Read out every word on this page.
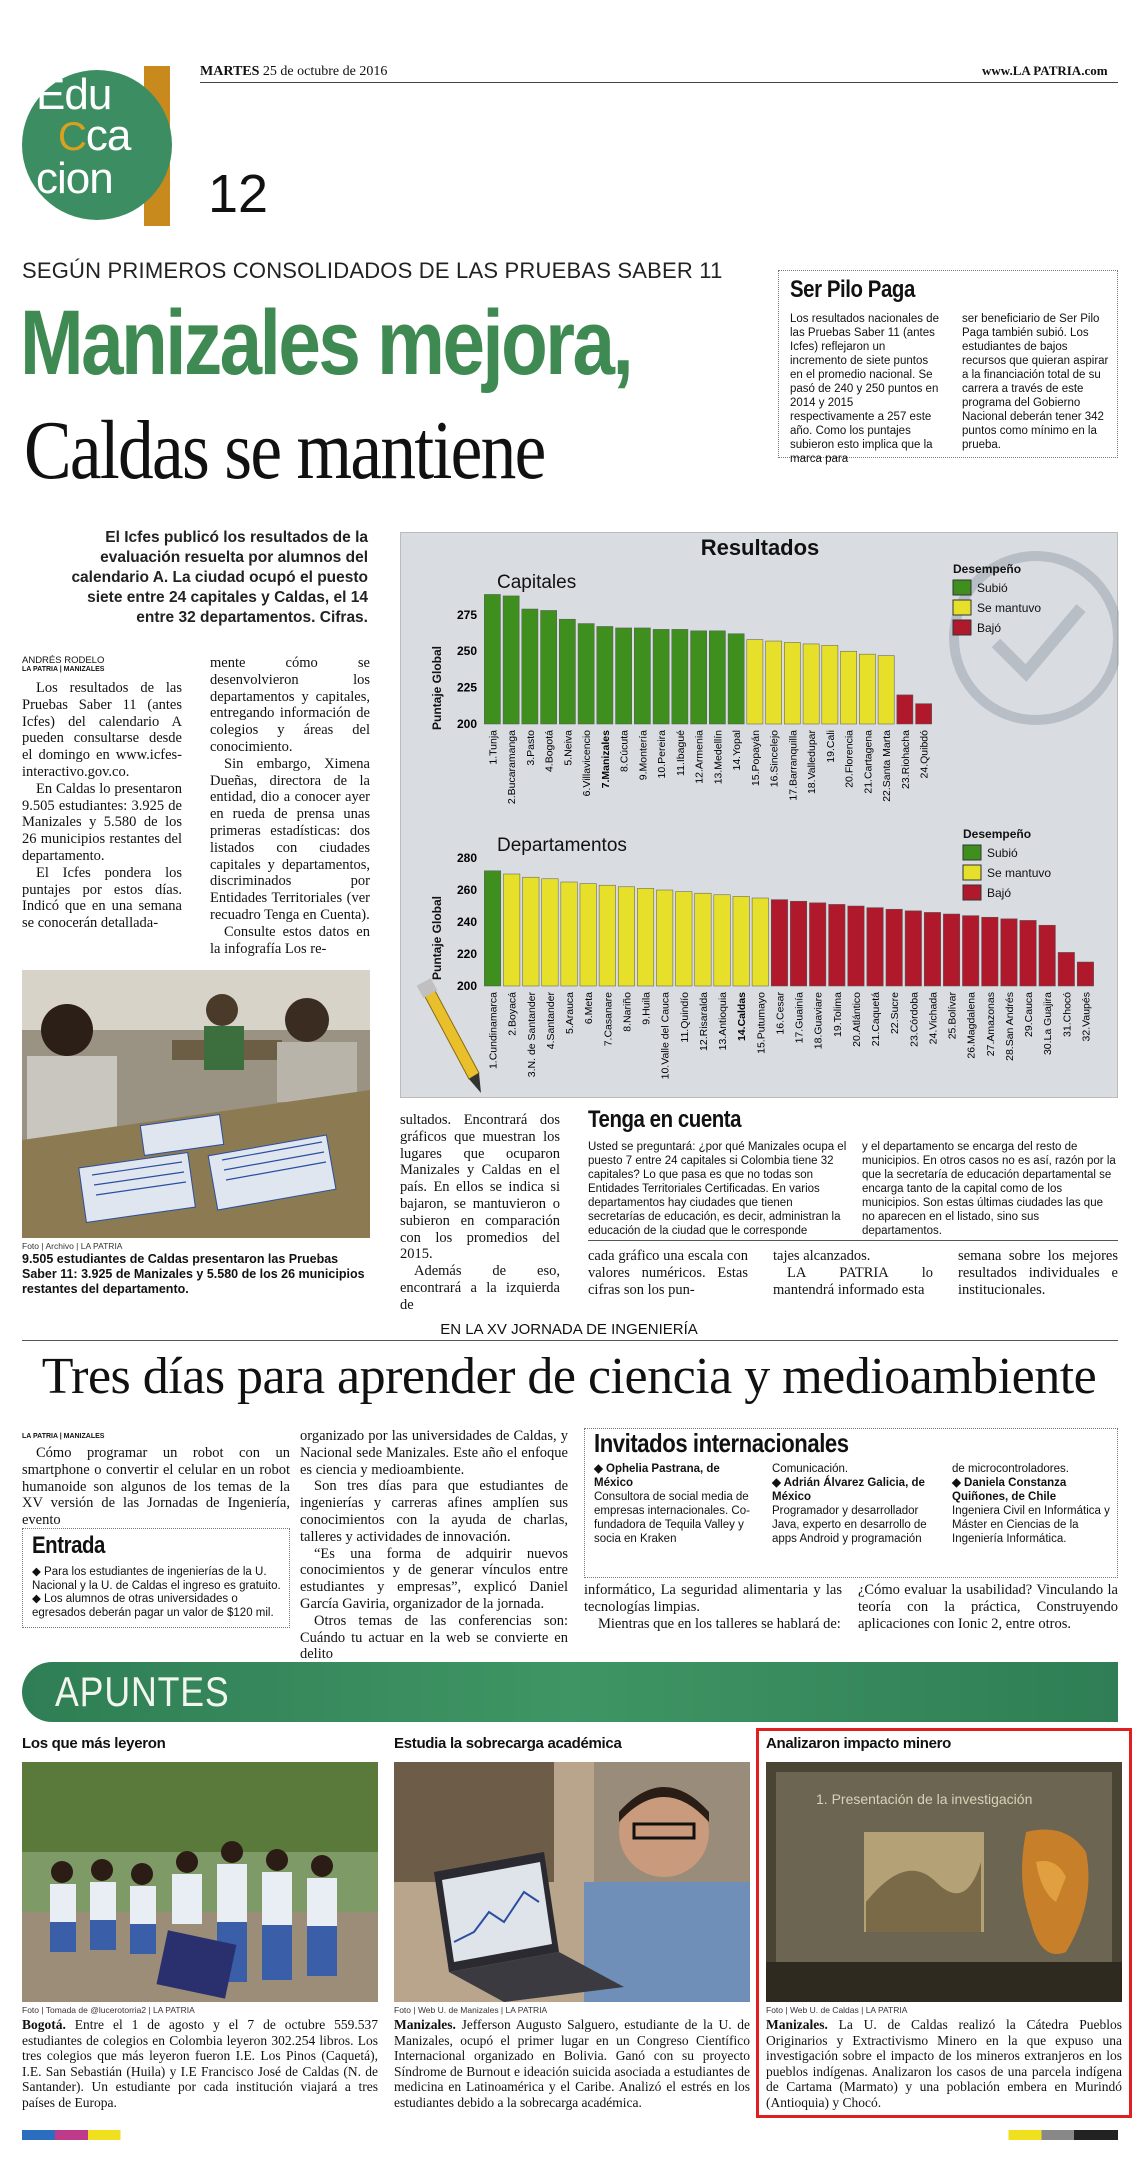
MARTES 25 de octubre de 2016	www.LA PATRIA.com
Edu
Cca
cion	12
SEGÚN PRIMEROS CONSOLIDADOS DE LAS PRUEBAS SABER 11
Manizales mejora,
Caldas se mantiene
El Icfes publicó los resultados de la evaluación resuelta por alumnos del calendario A. La ciudad ocupó el puesto siete entre 24 capitales y Caldas, el 14 entre 32 departamentos. Cifras.
ANDRÉS RODELO
LA PATRIA | MANIZALES

Los resultados de las Pruebas Saber 11 (antes Icfes) del calendario A pueden consultarse desde el domingo en www.icfes-interactivo.gov.co.

En Caldas lo presentaron 9.505 estudiantes: 3.925 de Manizales y 5.580 de los 26 municipios restantes del departamento.

El Icfes pondera los puntajes por estos días. Indicó que en una semana se conocerán detallada-

mente cómo se desenvolvieron los departamentos y capitales, entregando información de colegios y áreas del conocimiento.

Sin embargo, Ximena Dueñas, directora de la entidad, dio a conocer ayer en rueda de prensa unas primeras estadísticas: dos listados con ciudades capitales y departamentos, discriminados por Entidades Territoriales (ver recuadro Tenga en Cuenta).

Consulte estos datos en la infografía Los re-

Foto | Archivo | LA PATRIA
9.505 estudiantes de Caldas presentaron las Pruebas Saber 11: 3.925 de Manizales y 5.580 de los 26 municipios restantes del departamento.
Ser Pilo Paga
Los resultados nacionales de las Pruebas Saber 11 (antes Icfes) reflejaron un incremento de siete puntos en el promedio nacional. Se pasó de 240 y 250 puntos en 2014 y 2015 respectivamente a 257 este año. Como los puntajes subieron esto implica que la marca para
ser beneficiario de Ser Pilo Paga también subió. Los estudiantes de bajos recursos que quieran aspirar a la financiación total de su carrera a través de este programa del Gobierno Nacional deberán tener 342 puntos como mínimo en la prueba.
Resultados
Capitales
Departamentos
Puntaje Global
Puntaje Global
Desempeño
Subió
Se mantuvo
Bajó
Desempeño
Subió
Se mantuvo
Bajó
200
225
250
275
1.Tunja 2.Bucaramanga 3.Pasto 4.Bogotá 5.Neiva 6.Villavicencio 7.Manizales 8.Cúcuta 9.Montería 10.Pereira 11.Ibagué 12.Armenia 13.Medellín 14.Yopal 15.Popayán 16.Sincelejo 17.Barranquilla 18.Valledupar 19.Cali 20.Florencia 21.Cartagena 22.Santa Marta 23.Riohacha 24.Quibdó
200
220
240
260
280
1.Cundinamarca 2.Boyacá 3.N. de Santander 4.Santander 5.Arauca 6.Meta 7.Casanare 8.Nariño 9.Huila 10.Valle del Cauca 11.Quindío 12.Risaralda 13.Antioquia 14.Caldas 15.Putumayo 16.Cesar 17.Guainía 18.Guaviare 19.Tolima 20.Atlántico 21.Caquetá 22.Sucre 23.Córdoba 24.Vichada 25.Bolívar 26.Magdalena 27.Amazonas 28.San Andrés 29.Cauca 30.La Guajira 31.Chocó 32.Vaupés

sultados. Encontrará dos gráficos que muestran los lugares que ocuparon Manizales y Caldas en el país. En ellos se indica si bajaron, se mantuvieron o subieron en comparación con los promedios del 2015.

Además de eso, encontrará a la izquierda de

Tenga en cuenta
Usted se preguntará: ¿por qué Manizales ocupa el puesto 7 entre 24 capitales si Colombia tiene 32 capitales? Lo que pasa es que no todas son Entidades Territoriales Certificadas. En varios departamentos hay ciudades que tienen secretarías de educación, es decir, administran la educación de la ciudad que le corresponde
y el departamento se encarga del resto de municipios. En otros casos no es así, razón por la que la secretaría de educación departamental se encarga tanto de la capital como de los municipios. Son estas últimas ciudades las que no aparecen en el listado, sino sus departamentos.

cada gráfico una escala con valores numéricos. Estas cifras son los pun-

tajes alcanzados.

LA PATRIA lo mantendrá informado esta

semana sobre los mejores resultados individuales e institucionales.

EN LA XV JORNADA DE INGENIERÍA
Tres días para aprender de ciencia y medioambiente
LA PATRIA | MANIZALES

Cómo programar un robot con un smartphone o convertir el celular en un robot humanoide son algunos de los temas de la XV versión de las Jornadas de Ingeniería, evento

Entrada
◆ Para los estudiantes de ingenierías de la U. Nacional y la U. de Caldas el ingreso es gratuito.
◆ Los alumnos de otras universidades o egresados deberán pagar un valor de $120 mil.

organizado por las universidades de Caldas, y Nacional sede Manizales. Este año el enfoque es ciencia y medioambiente.

Son tres días para que estudiantes de ingenierías y carreras afines amplíen sus conocimientos con la ayuda de charlas, talleres y actividades de innovación.

“Es una forma de adquirir nuevos conocimientos y de generar vínculos entre estudiantes y empresas”, explicó Daniel García Gaviria, organizador de la jornada.

Otros temas de las conferencias son: Cuándo tu actuar en la web se convierte en delito

Invitados internacionales
◆ Ophelia Pastrana, de México
Consultora de social media de empresas internacionales. Co-fundadora de Tequila Valley y socia en Kraken
Comunicación.
◆ Adrián Álvarez Galicia, de México
Programador y desarrollador Java, experto en desarrollo de apps Android y programación
de microcontroladores.
◆ Daniela Constanza Quiñones, de Chile
Ingeniera Civil en Informática y Máster en Ciencias de la Ingeniería Informática.

informático, La seguridad alimentaria y las tecnologías limpias.

Mientras que en los talleres se hablará de:

¿Cómo evaluar la usabilidad? Vinculando la teoría con la práctica, Construyendo aplicaciones con Ionic 2, entre otros.

APUNTES
Los que más leyeron
Foto | Tomada de @lucerotorria2 | LA PATRIA
Bogotá. Entre el 1 de agosto y el 7 de octubre 559.537 estudiantes de colegios en Colombia leyeron 302.254 libros. Los tres colegios que más leyeron fueron I.E. Los Pinos (Caquetá), I.E. San Sebastián (Huila) y I.E Francisco José de Caldas (N. de Santander). Un estudiante por cada institución viajará a tres países de Europa.
Estudia la sobrecarga académica
Foto | Web U. de Manizales | LA PATRIA
Manizales. Jefferson Augusto Salguero, estudiante de la U. de Manizales, ocupó el primer lugar en un Congreso Científico Internacional organizado en Bolivia. Ganó con su proyecto Síndrome de Burnout e ideación suicida asociada a estudiantes de medicina en Latinoamérica y el Caribe. Analizó el estrés en los estudiantes debido a la sobrecarga académica.
Analizaron impacto minero
1. Presentación de la investigación
Foto | Web U. de Caldas | LA PATRIA
Manizales. La U. de Caldas realizó la Cátedra Pueblos Originarios y Extractivismo Minero en la que expuso una investigación sobre el impacto de los mineros extranjeros en los pueblos indígenas. Analizaron los casos de una parcela indígena de Cartama (Marmato) y una población embera en Murindó (Antioquia) y Chocó.
